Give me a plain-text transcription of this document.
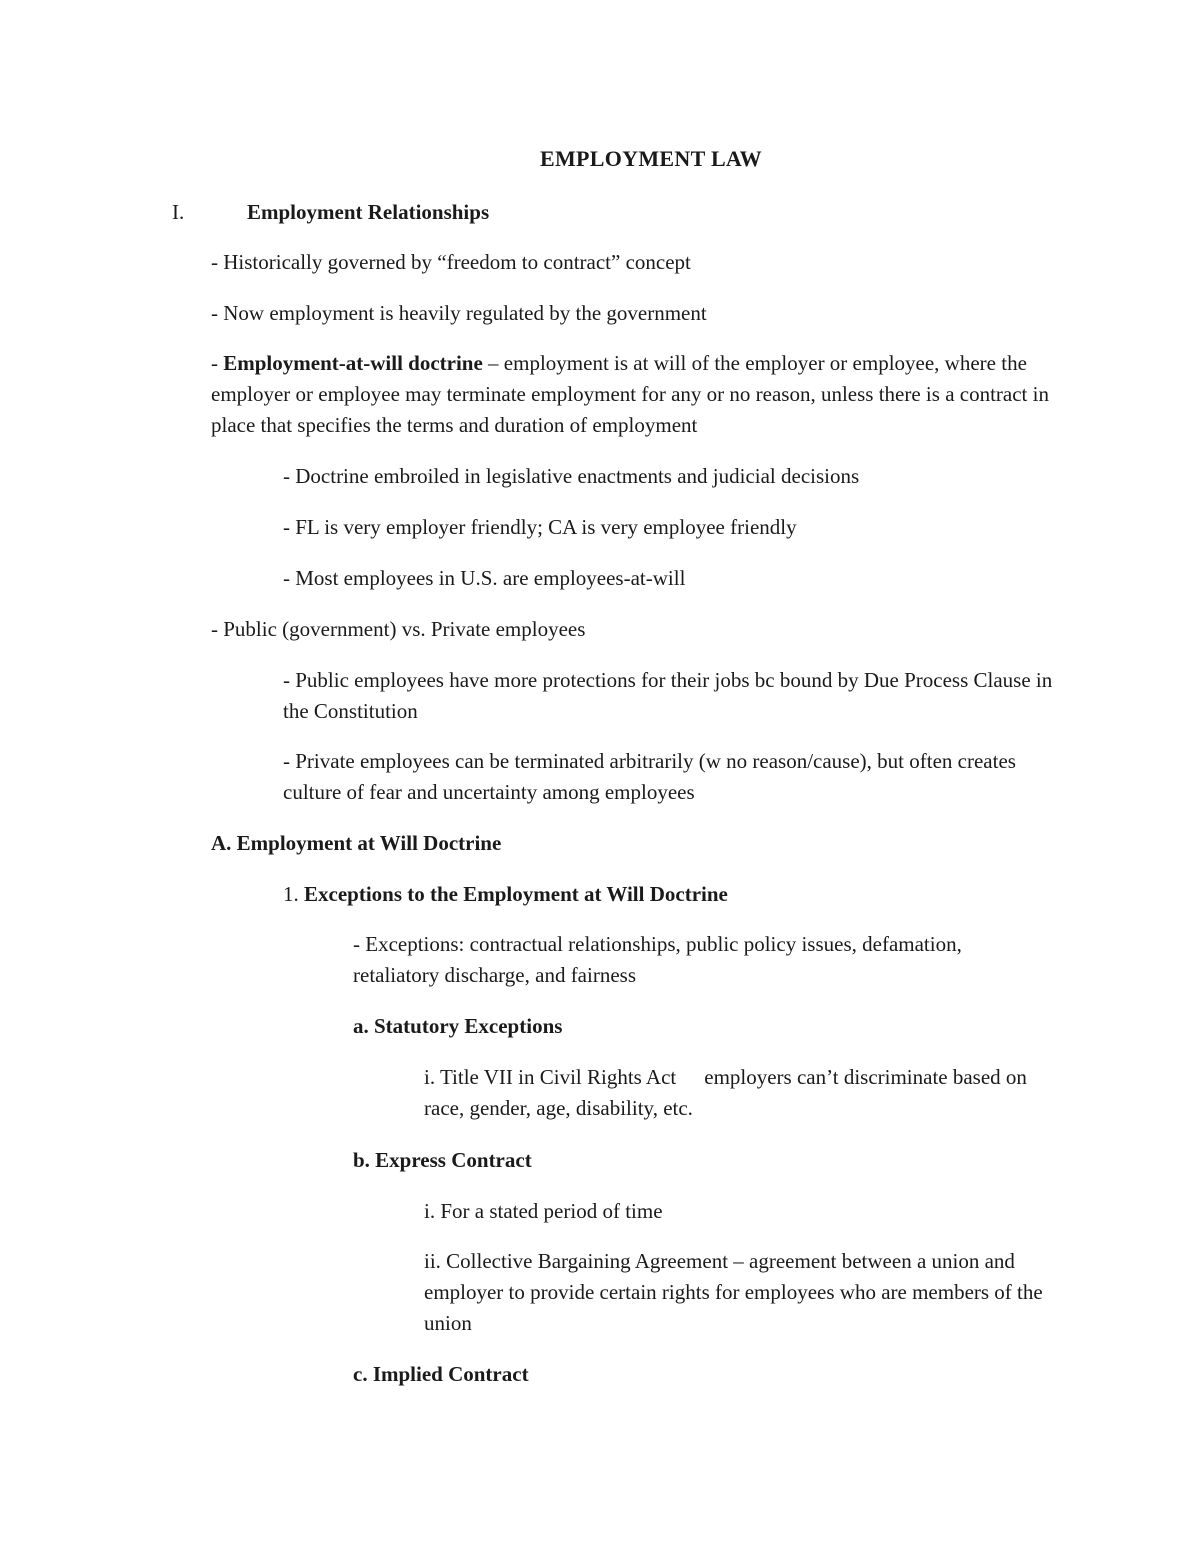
EMPLOYMENT LAW
I.	Employment Relationships

- Historically governed by “freedom to contract” concept

- Now employment is heavily regulated by the government

- Employment-at-will doctrine – employment is at will of the employer or employee, where the employer or employee may terminate employment for any or no reason, unless there is a contract in place that specifies the terms and duration of employment

- Doctrine embroiled in legislative enactments and judicial decisions

- FL is very employer friendly; CA is very employee friendly

- Most employees in U.S. are employees-at-will

- Public (government) vs. Private employees

- Public employees have more protections for their jobs bc bound by Due Process Clause in the Constitution

- Private employees can be terminated arbitrarily (w no reason/cause), but often creates culture of fear and uncertainty among employees

A. Employment at Will Doctrine

1. Exceptions to the Employment at Will Doctrine

- Exceptions: contractual relationships, public policy issues, defamation, retaliatory discharge, and fairness

a. Statutory Exceptions

i. Title VII in Civil Rights Act employers can’t discriminate based on race, gender, age, disability, etc.

b. Express Contract

i. For a stated period of time

ii. Collective Bargaining Agreement – agreement between a union and employer to provide certain rights for employees who are members of the union

c. Implied Contract
